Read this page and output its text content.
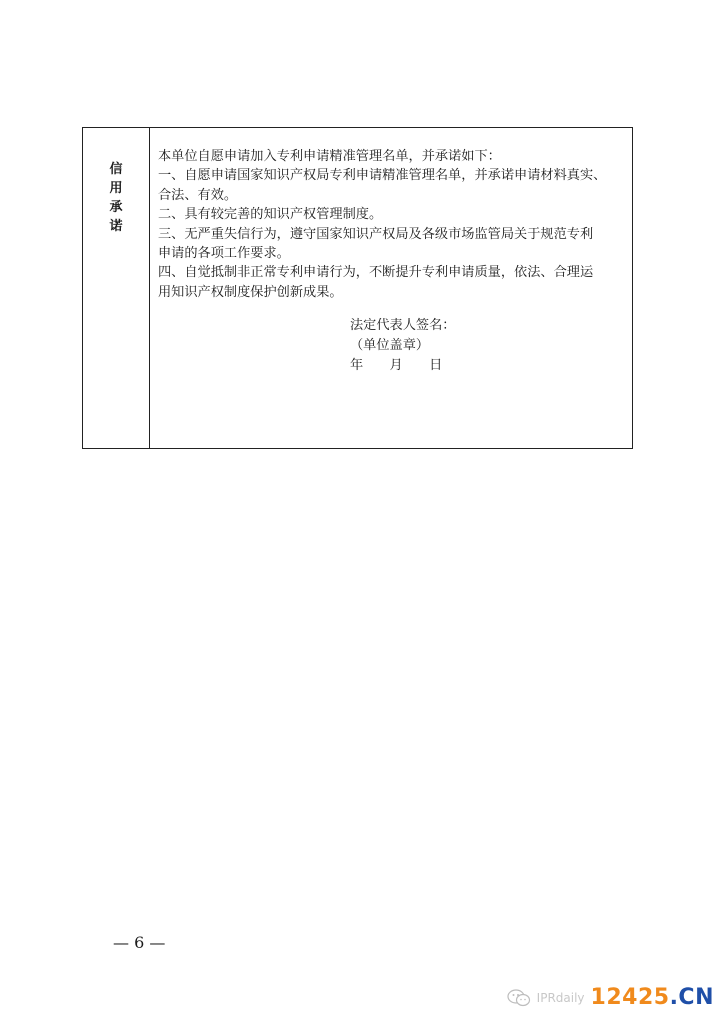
信
用
承
诺

本单位自愿申请加入专利申请精准管理名单，并承诺如下：

一、自愿申请国家知识产权局专利申请精准管理名单，并承诺申请材料真实、

合法、有效。

二、具有较完善的知识产权管理制度。

三、无严重失信行为，遵守国家知识产权局及各级市场监管局关于规范专利

申请的各项工作要求。

四、自觉抵制非正常专利申请行为，不断提升专利申请质量，依法、合理运

用知识产权制度保护创新成果。

法定代表人签名：

（单位盖章）

年　　月　　日

— 6 —
IPRdaily 12425.CN
